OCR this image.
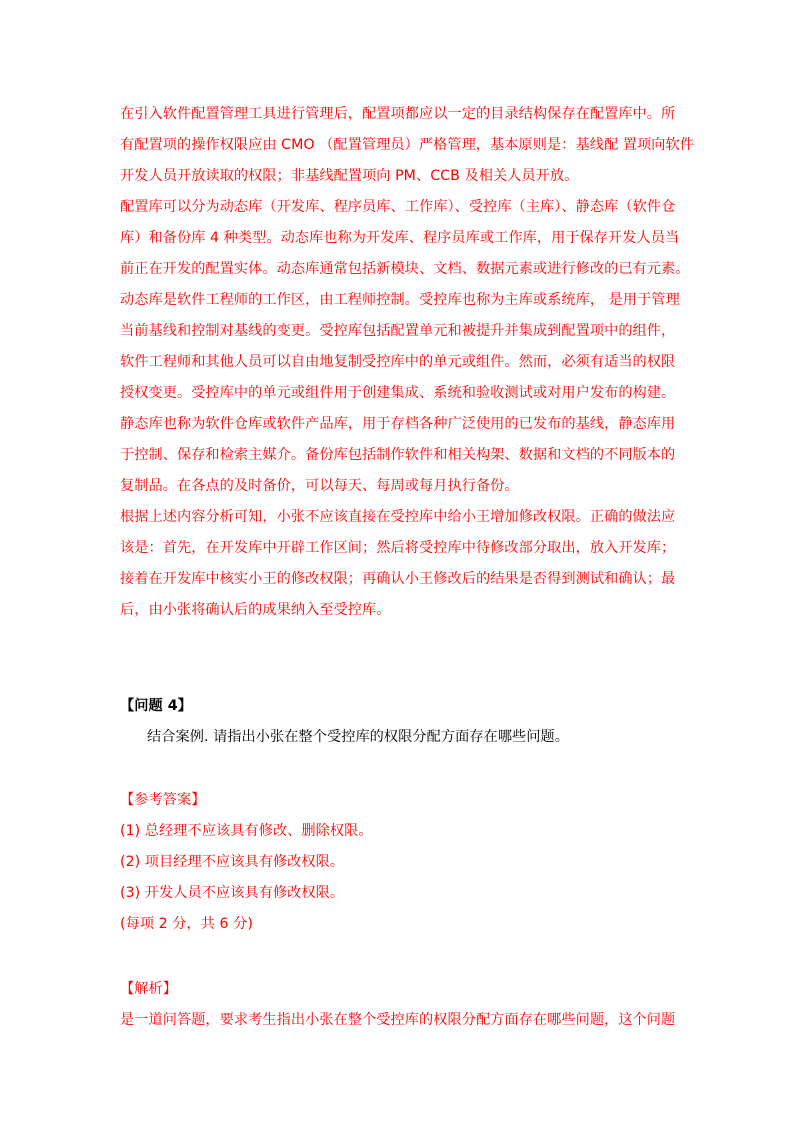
在引入软件配置管理工具进行管理后，配置项都应以一定的目录结构保存在配置库中。所
有配置项的操作权限应由 CMO （配置管理员）严格管理，基本原则是：基线配 置项向软件
开发人员开放读取的权限；非基线配置项向 PM、CCB 及相关人员开放。
配置库可以分为动态库（开发库、程序员库、工作库）、受控库（主库）、静态库（软件仓
库）和备份库 4 种类型。动态库也称为开发库、程序员库或工作库，用于保存开发人员当
前正在开发的配置实体。动态库通常包括新模块、文档、数据元素或进行修改的已有元素。
动态库是软件工程师的工作区，由工程师控制。受控库也称为主库或系统库， 是用于管理
当前基线和控制对基线的变更。受控库包括配置单元和被提升并集成到配置项中的组件，
软件工程师和其他人员可以自由地复制受控库中的单元或组件。然而，必须有适当的权限
授权变更。受控库中的单元或组件用于创建集成、系统和验收测试或对用户发布的构建。
静态库也称为软件仓库或软件产品库，用于存档各种广泛使用的已发布的基线，静态库用
于控制、保存和检索主媒介。备份库包括制作软件和相关构架、数据和文档的不同版本的
复制品。在各点的及时备价，可以每天、每周或每月执行备份。
根据上述内容分析可知，小张不应该直接在受控库中给小王增加修改权限。正确的做法应
该是：首先，在开发库中开辟工作区间；然后将受控库中待修改部分取出，放入开发库；
接着在开发库中核实小王的修改权限；再确认小王修改后的结果是否得到测试和确认；最
后，由小张将确认后的成果纳入至受控库。
【问题 4】
结合案例. 请指出小张在整个受控库的权限分配方面存在哪些问题。
【参考答案】
(1) 总经理不应该具有修改、删除权限。
(2) 项目经理不应该具有修改权限。
(3) 开发人员不应该具有修改权限。
(每项 2 分，共 6 分)
【解析】
是一道问答题，要求考生指出小张在整个受控库的权限分配方面存在哪些问题，这个问题
